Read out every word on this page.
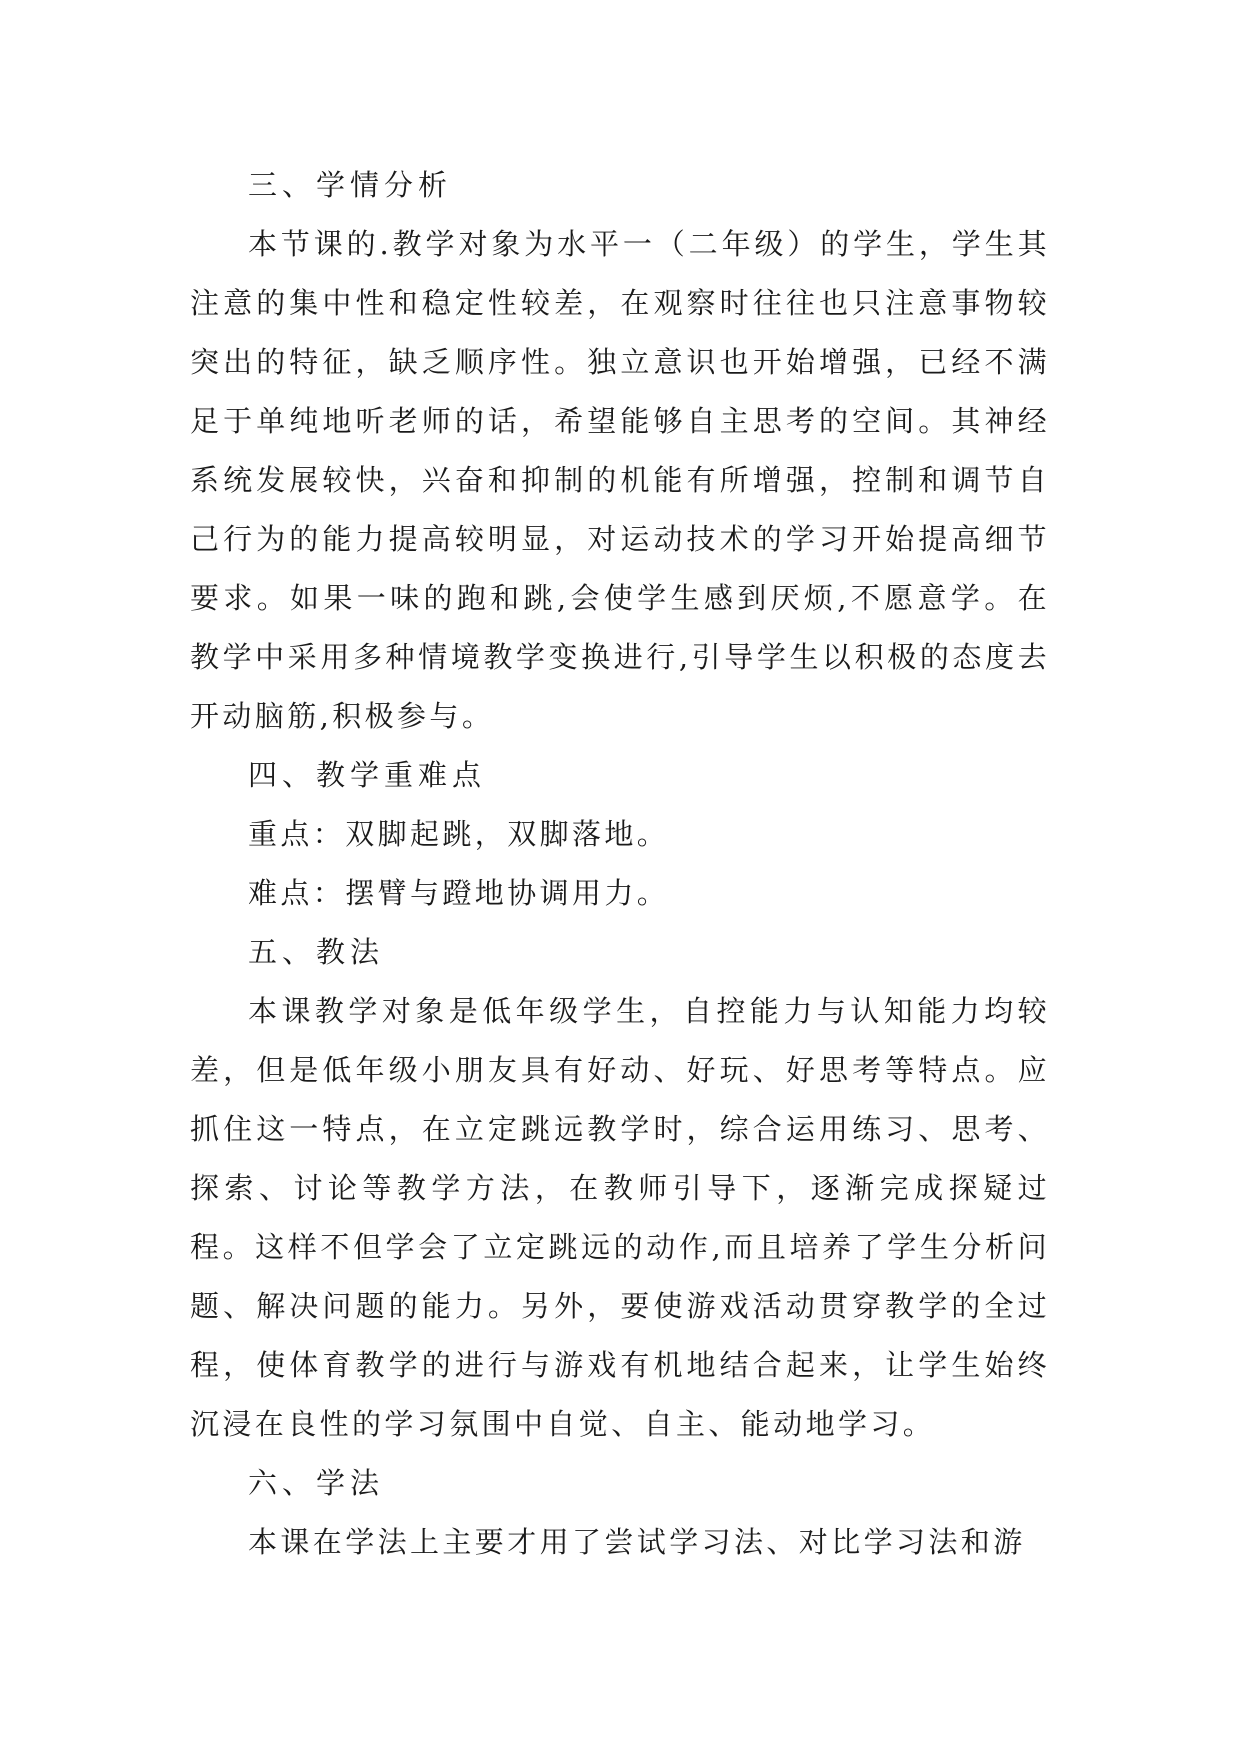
三、学情分析

本节课的.教学对象为水平一（二年级）的学生，学生其注意的集中性和稳定性较差，在观察时往往也只注意事物较突出的特征，缺乏顺序性。独立意识也开始增强，已经不满足于单纯地听老师的话，希望能够自主思考的空间。其神经系统发展较快，兴奋和抑制的机能有所增强，控制和调节自己行为的能力提高较明显，对运动技术的学习开始提高细节要求。如果一味的跑和跳,会使学生感到厌烦,不愿意学。在教学中采用多种情境教学变换进行,引导学生以积极的态度去开动脑筋,积极参与。

四、教学重难点

重点：双脚起跳，双脚落地。

难点：摆臂与蹬地协调用力。

五、教法

本课教学对象是低年级学生，自控能力与认知能力均较差，但是低年级小朋友具有好动、好玩、好思考等特点。应抓住这一特点，在立定跳远教学时，综合运用练习、思考、探索、讨论等教学方法，在教师引导下，逐渐完成探疑过程。这样不但学会了立定跳远的动作,而且培养了学生分析问题、解决问题的能力。另外，要使游戏活动贯穿教学的全过程，使体育教学的进行与游戏有机地结合起来，让学生始终沉浸在良性的学习氛围中自觉、自主、能动地学习。

六、学法

本课在学法上主要才用了尝试学习法、对比学习法和游
